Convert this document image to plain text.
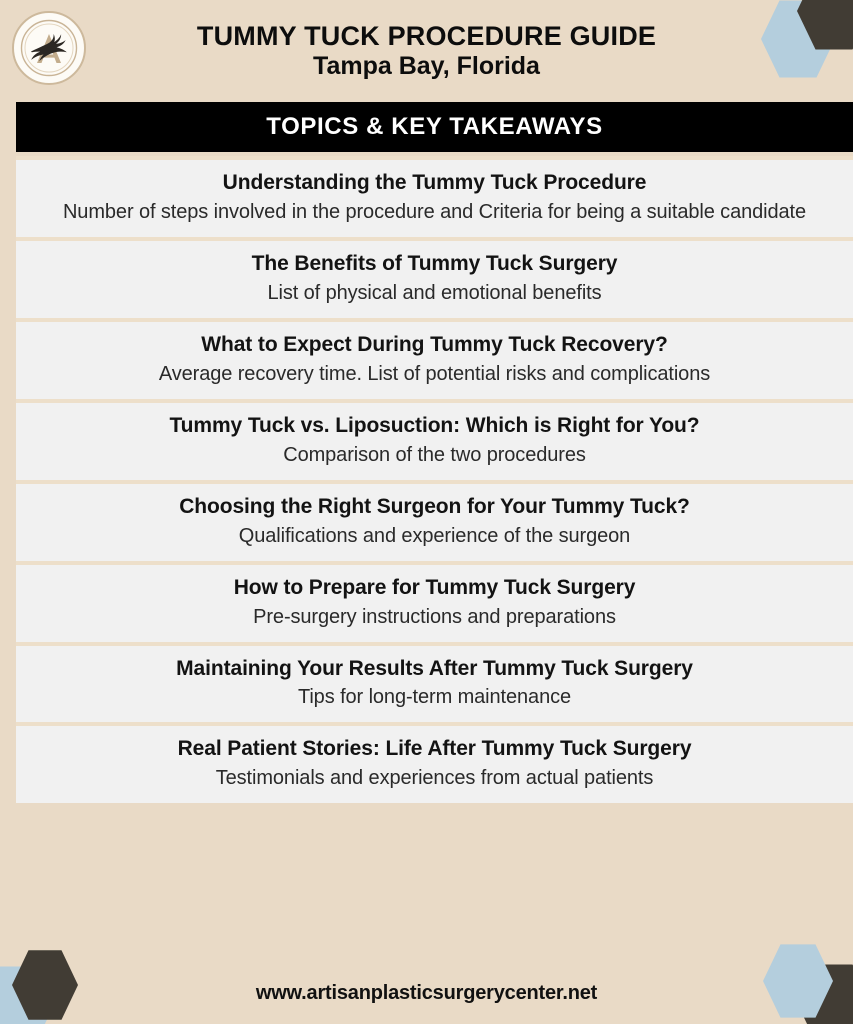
TUMMY TUCK PROCEDURE GUIDE
Tampa Bay, Florida
TOPICS & KEY TAKEAWAYS
Understanding the Tummy Tuck Procedure
Number of steps involved in the procedure and Criteria for being a suitable candidate
The Benefits of Tummy Tuck Surgery
List of physical and emotional benefits
What to Expect During Tummy Tuck Recovery?
Average recovery time. List of potential risks and complications
Tummy Tuck vs. Liposuction: Which is Right for You?
Comparison of the two procedures
Choosing the Right Surgeon for Your Tummy Tuck?
Qualifications and experience of the surgeon
How to Prepare for Tummy Tuck Surgery
Pre-surgery instructions and preparations
Maintaining Your Results After Tummy Tuck Surgery
Tips for long-term maintenance
Real Patient Stories: Life After Tummy Tuck Surgery
Testimonials and experiences from actual patients
www.artisanplasticsurgerycenter.net
